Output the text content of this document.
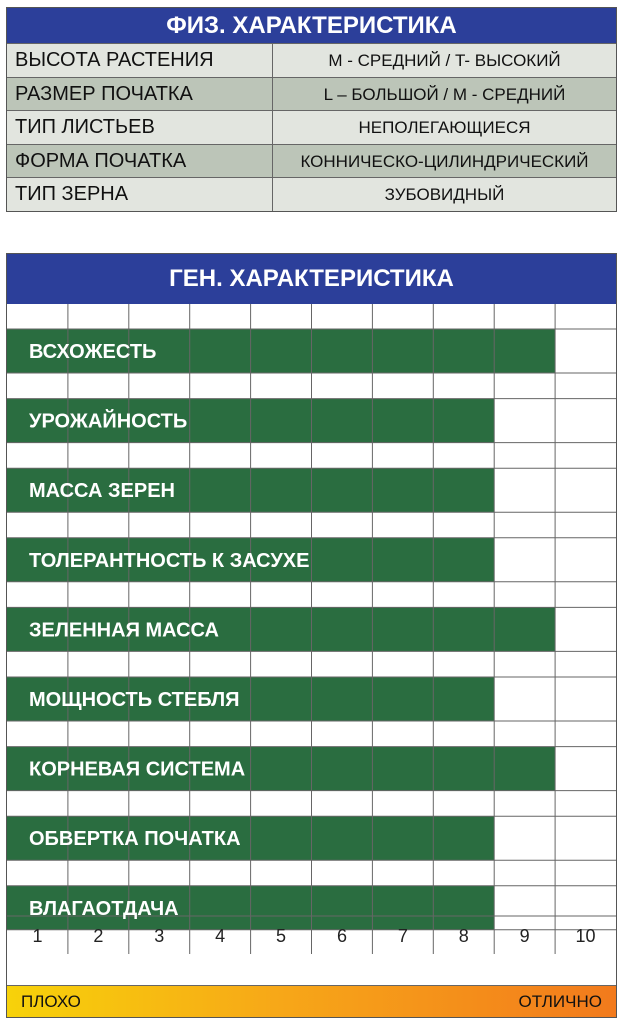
ФИЗ. ХАРАКТЕРИСТИКА
ВЫСОТА РАСТЕНИЯ	M - СРЕДНИЙ / T- ВЫСОКИЙ
РАЗМЕР ПОЧАТКА	L – БОЛЬШОЙ / M - СРЕДНИЙ
ТИП ЛИСТЬЕВ	НЕПОЛЕГАЮЩИЕСЯ
ФОРМА ПОЧАТКА	КОННИЧЕСКО-ЦИЛИНДРИЧЕСКИЙ
ТИП ЗЕРНА	ЗУБОВИДНЫЙ
ГЕН. ХАРАКТЕРИСТИКА
ВСХОЖЕСТЬ
УРОЖАЙНОСТЬ
МАССА ЗЕРЕН
ТОЛЕРАНТНОСТЬ К ЗАСУХЕ
ЗЕЛЕННАЯ МАССА
МОЩНОСТЬ СТЕБЛЯ
КОРНЕВАЯ СИСТЕМА
ОБВЕРТКА ПОЧАТКА
ВЛАГАОТДАЧА
1	2	3	4	5	6	7	8	9	10
ПЛОХО	ОТЛИЧНО
